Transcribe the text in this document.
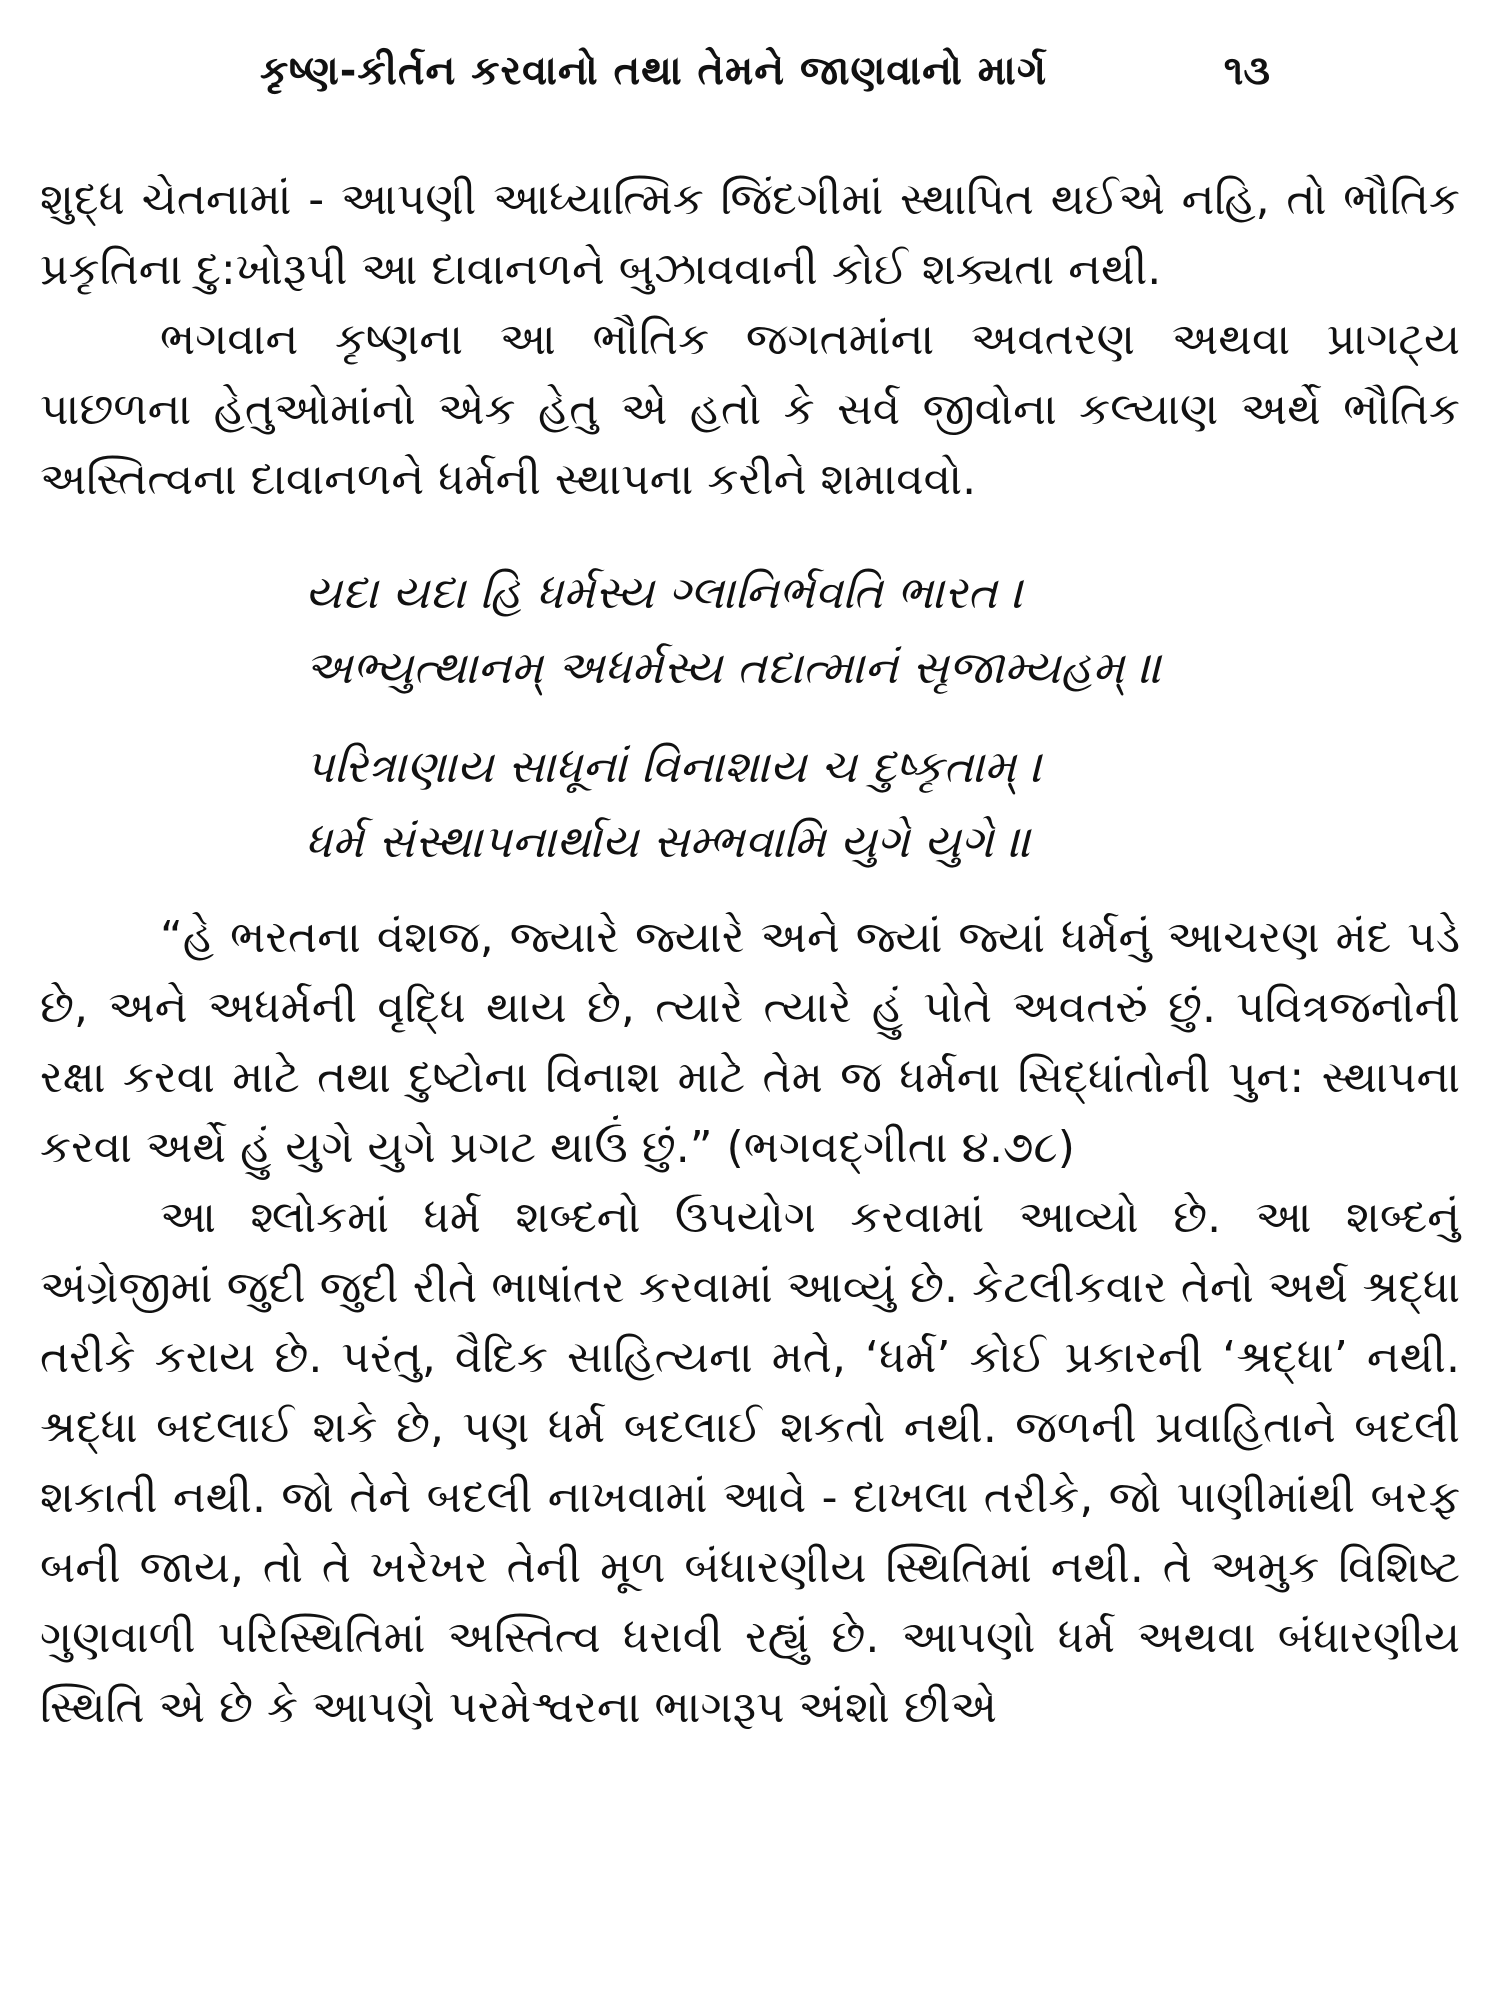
કૃષ્ણ-કીર્તન કરવાનો તથા તેમને જાણવાનો માર્ગ	૧૩

શુદ્ધ ચેતનામાં - આપણી આધ્યાત્મિક જિંદગીમાં સ્થાપિત થઈએ નહિ, તો ભૌતિક પ્રકૃતિના દુ:ખોરૂપી આ દાવાનળને બુઝાવવાની કોઈ શક્યતા નથી.

ભગવાન કૃષ્ણના આ ભૌતિક જગતમાંના અવતરણ અથવા પ્રાગટ્ય પાછળના હેતુઓમાંનો એક હેતુ એ હતો કે સર્વ જીવોના કલ્યાણ અર્થે ભૌતિક અસ્તિત્વના દાવાનળને ધર્મની સ્થાપના કરીને શમાવવો.

યદા યદા હિ ધર્મસ્ય ગ્લાનિર્ભવતિ ભારત ।
અભ્યુત્થાનમ્ અધર્મસ્ય તદાત્માનં સૃજામ્યહમ્ ॥
પરિત્રાણાય સાધૂનાં વિનાશાય ચ દુષ્કૃતામ્ ।
ધર્મ સંસ્થાપનાર્થાય સમ્ભવામિ યુગે યુગે ॥

“હે ભરતના વંશજ, જ્યારે જ્યારે અને જ્યાં જ્યાં ધર્મનું આચરણ મંદ પડે છે, અને અધર્મની વૃદ્ધિ થાય છે, ત્યારે ત્યારે હું પોતે અવતરું છું. પવિત્રજનોની રક્ષા કરવા માટે તથા દુષ્ટોના વિનાશ માટે તેમ જ ધર્મના સિદ્ધાંતોની પુન: સ્થાપના કરવા અર્થે હું યુગે યુગે પ્રગટ થાઉં છું.” (ભગવદ્ગીતા ૪.૭૮)

આ શ્લોકમાં ધર્મ શબ્દનો ઉપયોગ કરવામાં આવ્યો છે. આ શબ્દનું અંગ્રેજીમાં જુદી જુદી રીતે ભાષાંતર કરવામાં આવ્યું છે. કેટલીકવાર તેનો અર્થ શ્રદ્ધા તરીકે કરાય છે. પરંતુ, વૈદિક સાહિત્યના મતે, ‘ધર્મ’ કોઈ પ્રકારની ‘શ્રદ્ધા’ નથી. શ્રદ્ધા બદલાઈ શકે છે, પણ ધર્મ બદલાઈ શકતો નથી. જળની પ્રવાહિતાને બદલી શકાતી નથી. જો તેને બદલી નાખવામાં આવે - દાખલા તરીકે, જો પાણીમાંથી બરફ બની જાય, તો તે ખરેખર તેની મૂળ બંધારણીય સ્થિતિમાં નથી. તે અમુક વિશિષ્ટ ગુણવાળી પરિસ્થિતિમાં અસ્તિત્વ ધરાવી રહ્યું છે. આપણો ધર્મ અથવા બંધારણીય સ્થિતિ એ છે કે આપણે પરમેશ્વરના ભાગરૂપ અંશો છીએ
